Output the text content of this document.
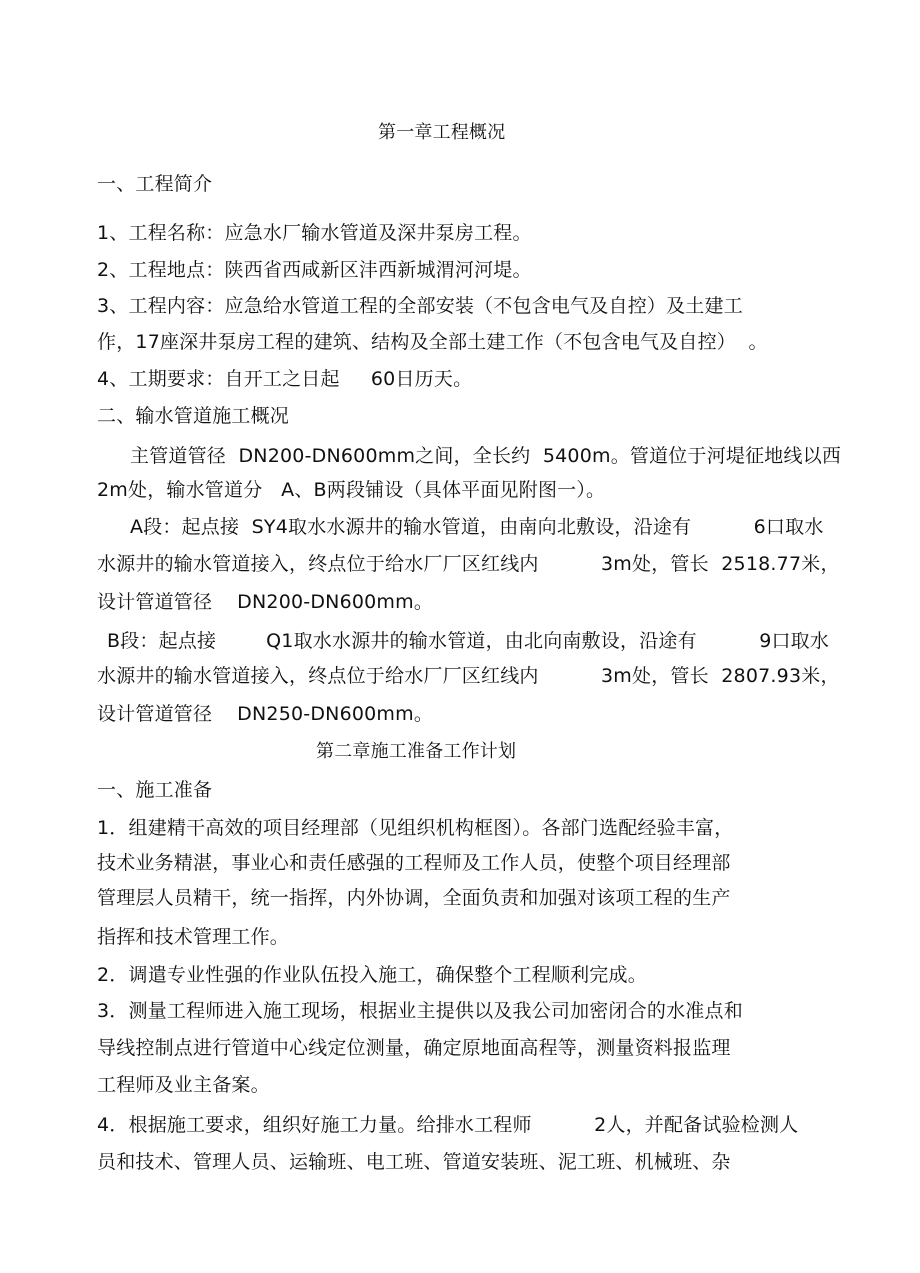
第一章工程概况
一、工程简介
1、工程名称：应急水厂输水管道及深井泵房工程。
2、工程地点：陕西省西咸新区沣西新城渭河河堤。
3、工程内容：应急给水管道工程的全部安装（不包含电气及自控）及土建工
作，17座深井泵房工程的建筑、结构及全部土建工作（不包含电气及自控）  。
4、工期要求：自开工之日起     60日历天。
二、输水管道施工概况
主管道管径  DN200-DN600mm之间，全长约  5400m。管道位于河堤征地线以西
2m处，输水管道分   A、B两段铺设（具体平面见附图一）。
A段：起点接  SY4取水水源井的输水管道，由南向北敷设，沿途有          6口取水
水源井的输水管道接入，终点位于给水厂厂区红线内          3m处，管长  2518.77米，
设计管道管径    DN200-DN600mm。
B段：起点接        Q1取水水源井的输水管道，由北向南敷设，沿途有          9口取水
水源井的输水管道接入，终点位于给水厂厂区红线内          3m处，管长  2807.93米，
设计管道管径    DN250-DN600mm。
第二章施工准备工作计划
一、施工准备
1．组建精干高效的项目经理部（见组织机构框图）。各部门选配经验丰富，
技术业务精湛，事业心和责任感强的工程师及工作人员，使整个项目经理部
管理层人员精干，统一指挥，内外协调，全面负责和加强对该项工程的生产
指挥和技术管理工作。
2．调遣专业性强的作业队伍投入施工，确保整个工程顺利完成。
3．测量工程师进入施工现场，根据业主提供以及我公司加密闭合的水准点和
导线控制点进行管道中心线定位测量，确定原地面高程等，测量资料报监理
工程师及业主备案。
4．根据施工要求，组织好施工力量。给排水工程师          2人，并配备试验检测人
员和技术、管理人员、运输班、电工班、管道安装班、泥工班、机械班、杂
